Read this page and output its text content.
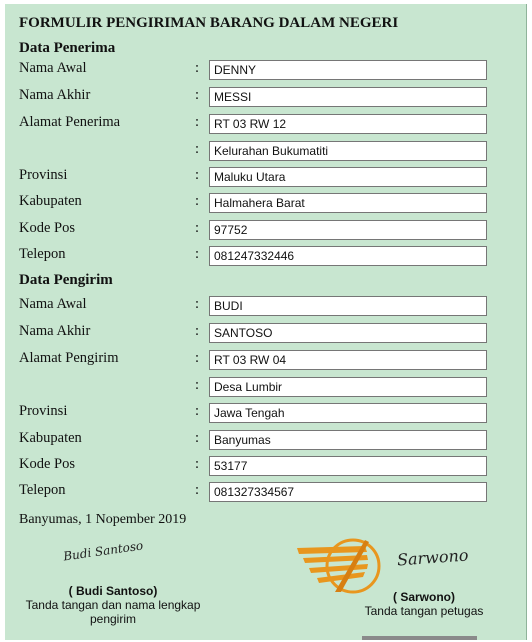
FORMULIR PENGIRIMAN BARANG DALAM NEGERI
Data Penerima
Nama Awal	:	DENNY
Nama Akhir	:	MESSI
Alamat Penerima	:	RT 03 RW 12
:	Kelurahan Bukumatiti
Provinsi	:	Maluku Utara
Kabupaten	:	Halmahera Barat
Kode Pos	:	97752
Telepon	:	081247332446
Data Pengirim
Nama Awal	:	BUDI
Nama Akhir	:	SANTOSO
Alamat Pengirim	:	RT 03 RW 04
:	Desa Lumbir
Provinsi	:	Jawa Tengah
Kabupaten	:	Banyumas
Kode Pos	:	53177
Telepon	:	081327334567
Banyumas, 1 Nopember 2019
Budi Santoso
( Budi Santoso)
Tanda tangan dan nama lengkap pengirim
Sarwono
( Sarwono)
Tanda tangan petugas
